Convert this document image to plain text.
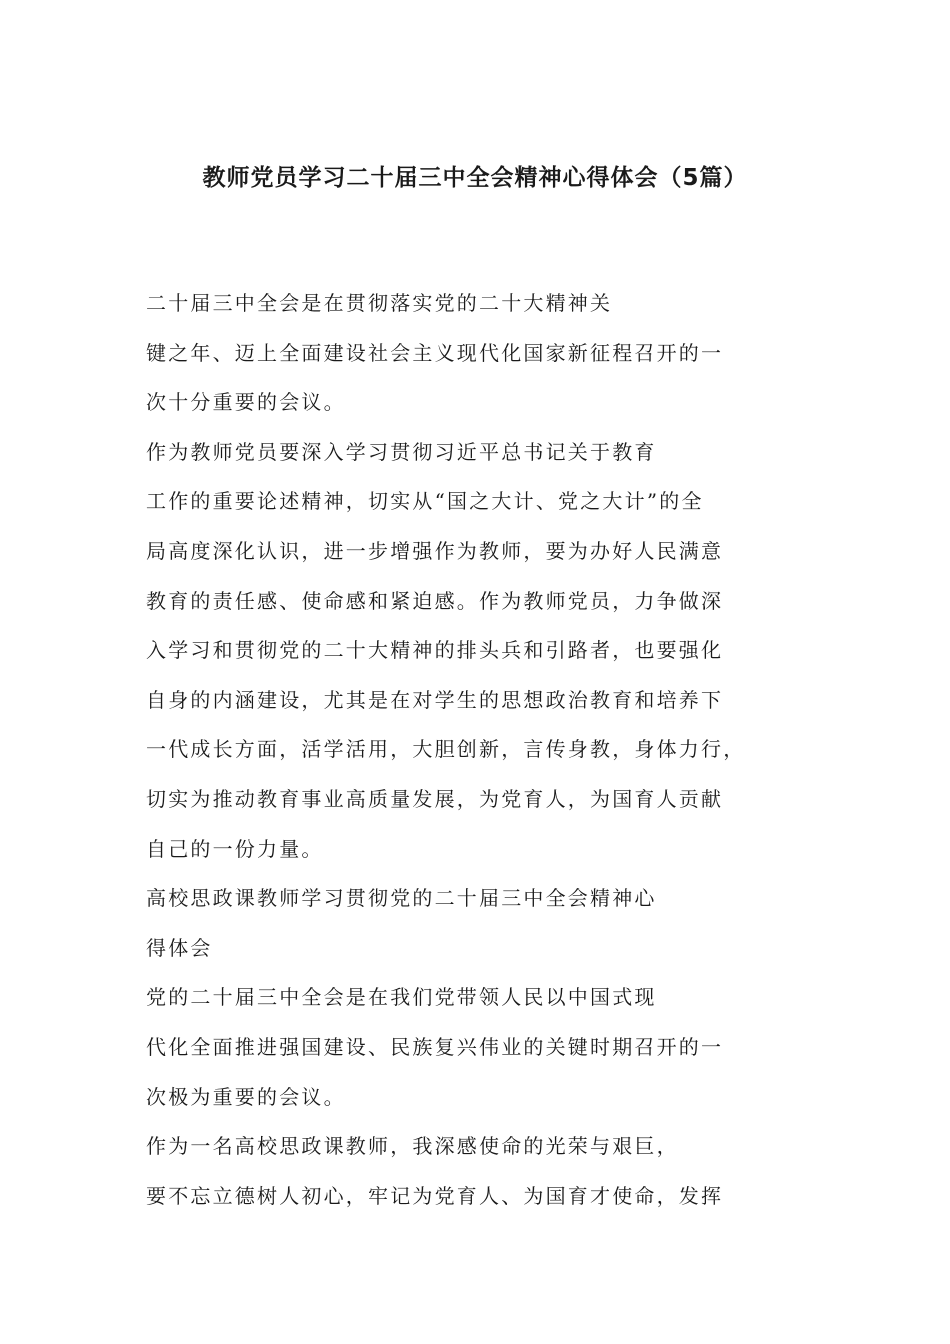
教师党员学习二十届三中全会精神心得体会（5篇）
二十届三中全会是在贯彻落实党的二十大精神关
键之年、迈上全面建设社会主义现代化国家新征程召开的一
次十分重要的会议。
作为教师党员要深入学习贯彻习近平总书记关于教育
工作的重要论述精神，切实从“国之大计、党之大计”的全
局高度深化认识，进一步增强作为教师，要为办好人民满意
教育的责任感、使命感和紧迫感。作为教师党员，力争做深
入学习和贯彻党的二十大精神的排头兵和引路者，也要强化
自身的内涵建设，尤其是在对学生的思想政治教育和培养下
一代成长方面，活学活用，大胆创新，言传身教，身体力行，
切实为推动教育事业高质量发展，为党育人，为国育人贡献
自己的一份力量。
高校思政课教师学习贯彻党的二十届三中全会精神心
得体会
党的二十届三中全会是在我们党带领人民以中国式现
代化全面推进强国建设、民族复兴伟业的关键时期召开的一
次极为重要的会议。
作为一名高校思政课教师，我深感使命的光荣与艰巨，
要不忘立德树人初心，牢记为党育人、为国育才使命，发挥
